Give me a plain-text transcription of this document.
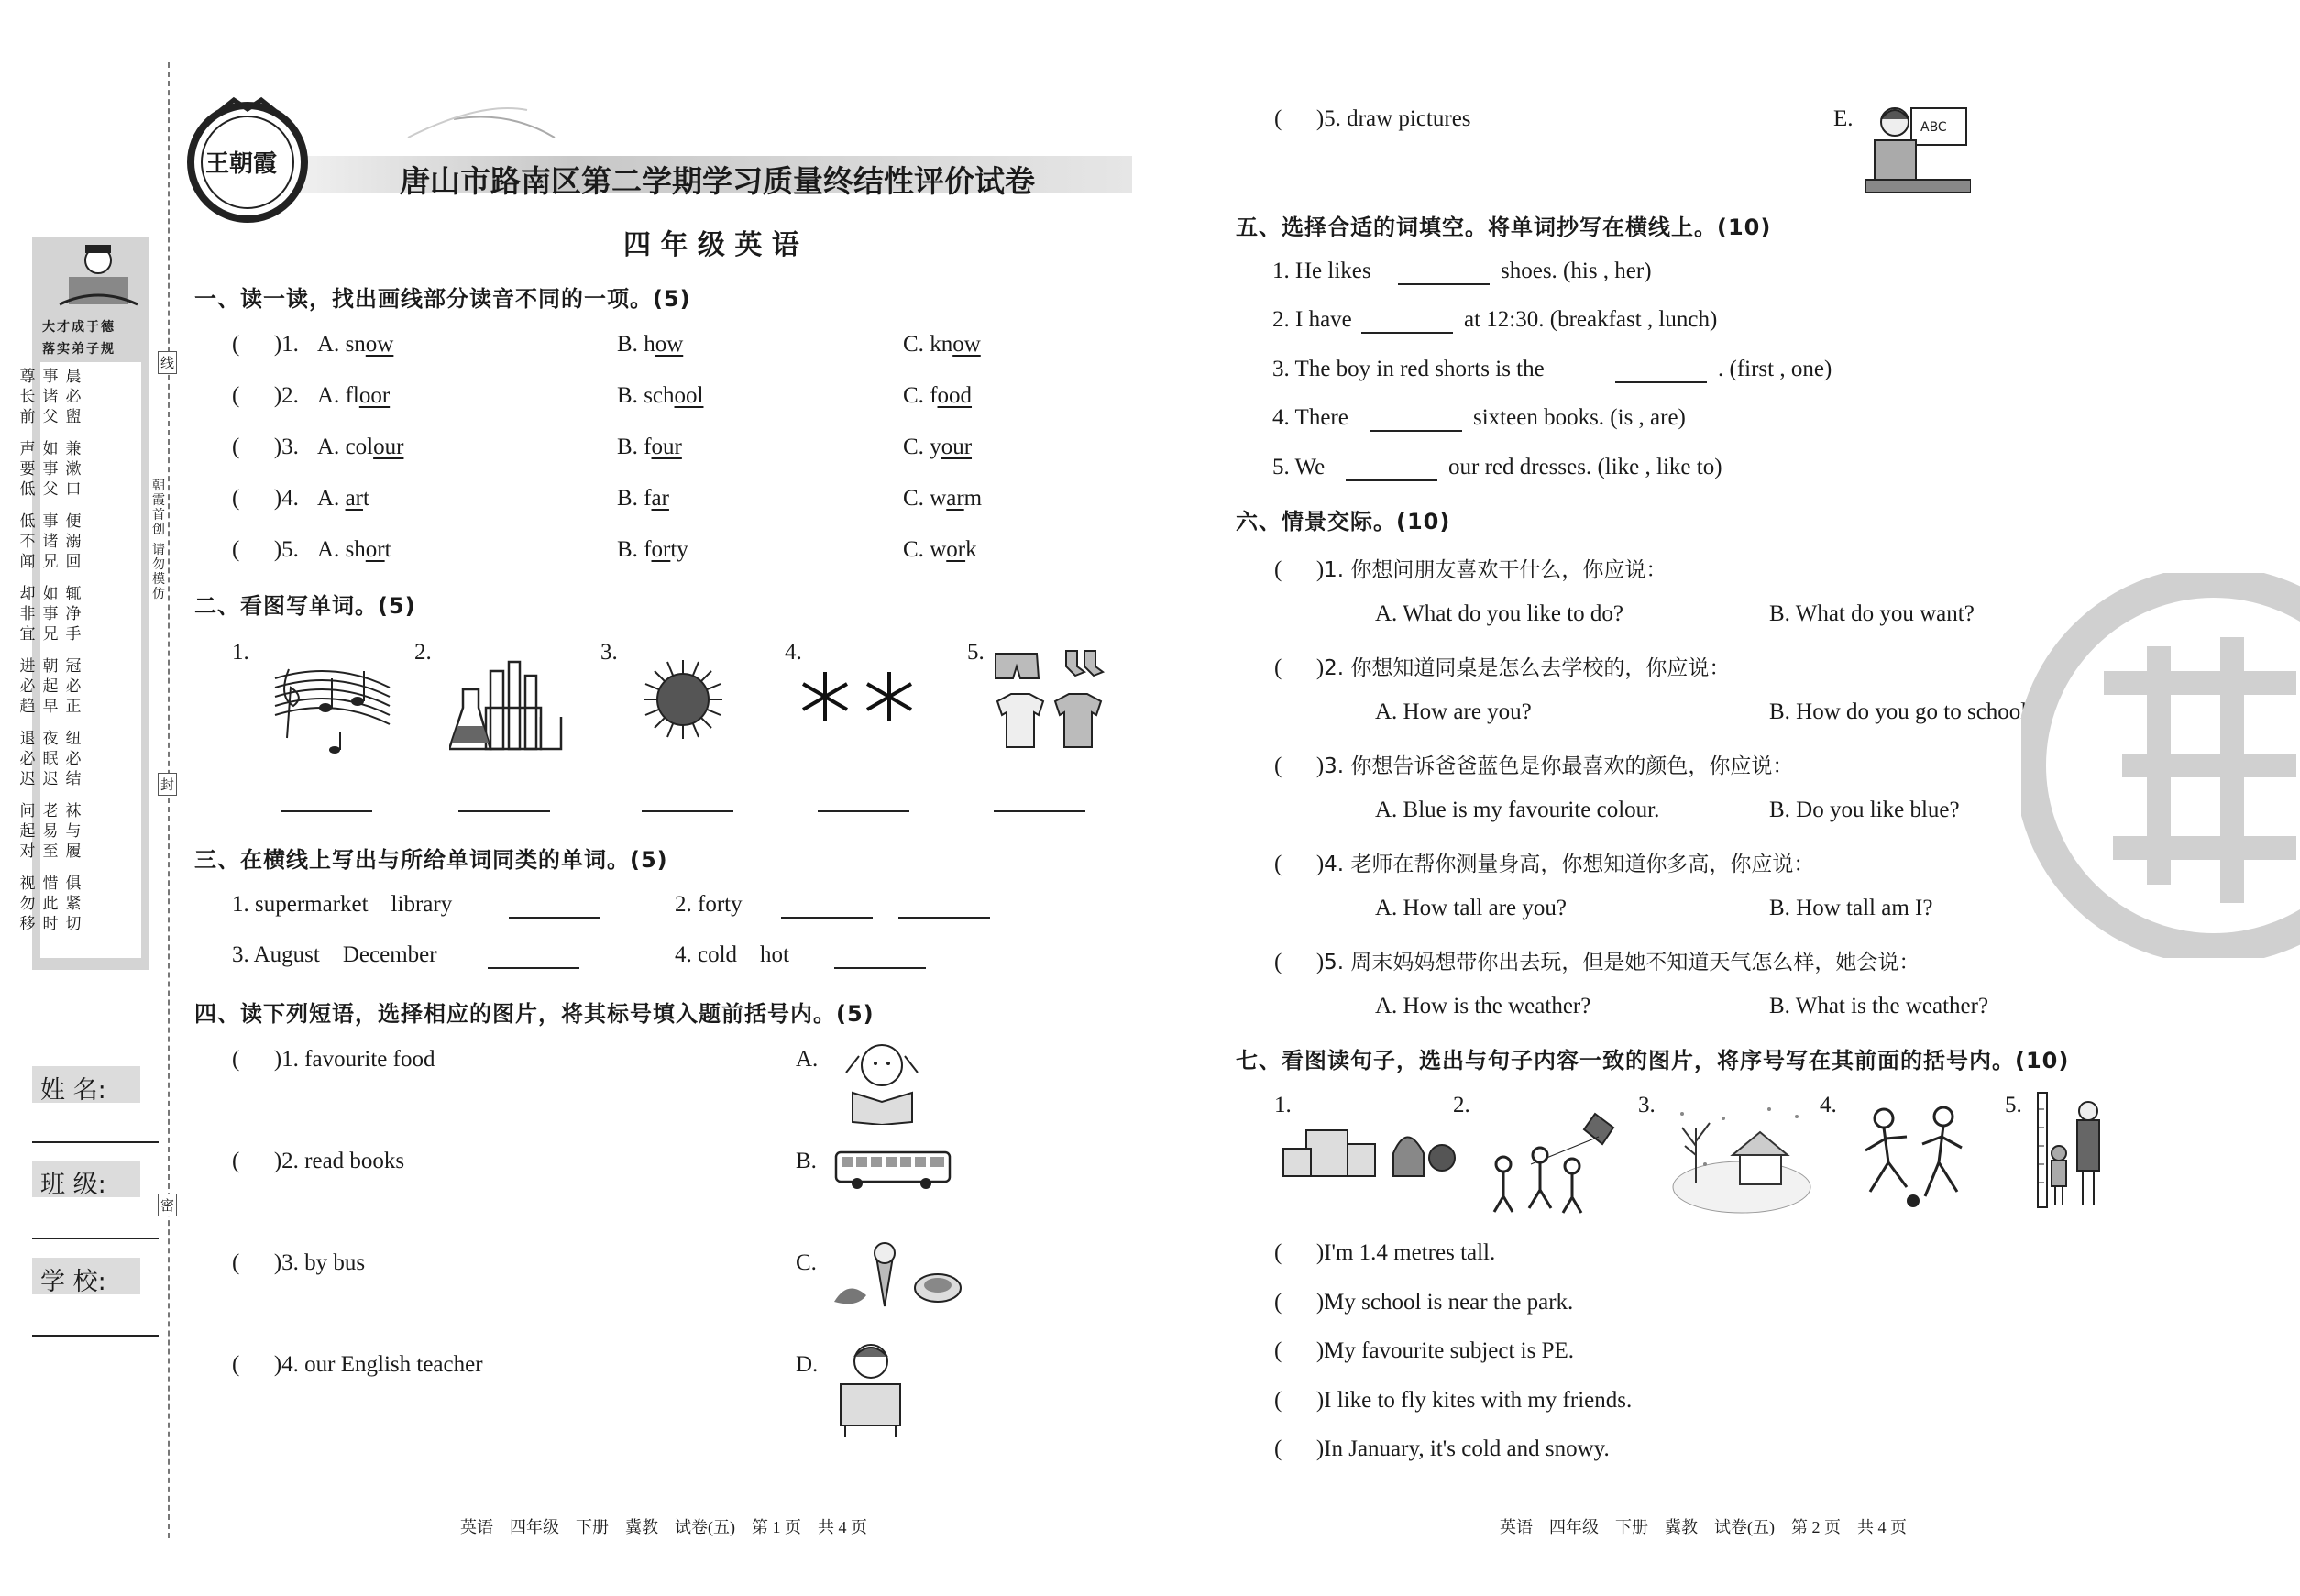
大才成于德
落实弟子规
晨必盥
事诸父
尊长前
兼漱口
如事父
声要低
便溺回
事诸兄
低不闻
辄净手
如事兄
却非宜
冠必正
朝起早
进必趋
纽必结
夜眠迟
退必迟
袜与履
老易至
问起对
俱紧切
惜此时
视勿移
线
封
密
朝霞首创
请勿模仿
姓 名:
班 级:
学 校:
王朝霞	唐山市路南区第二学期学习质量终结性评价试卷
四 年 级 英 语
一、读一读，找出画线部分读音不同的一项。(5)
( )1. A. snow	B. how	C. know
( )2. A. floor	B. school	C. food
( )3. A. colour	B. four	C. your
( )4. A. art	B. far	C. warm
( )5. A. short	B. forty	C. work
二、看图写单词。(5)
1.	2.	3.	4.	5.
三、在横线上写出与所给单词同类的单词。(5)
1. supermarket    library	2. forty
3. August    December	4. cold    hot
四、读下列短语，选择相应的图片，将其标号填入题前括号内。(5)
( )1. favourite food
( )2. read books
( )3. by bus
( )4. our English teacher
( )5. draw pictures
A.
B.
C.
D.
E.	ABC
五、选择合适的词填空。将单词抄写在横线上。(10)
1. He likes	shoes. (his , her)
2. I have	at 12:30. (breakfast , lunch)
3. The boy in red shorts is the	. (first , one)
4. There	sixteen books. (is , are)
5. We	our red dresses. (like , like to)
六、情景交际。(10)
( )1. 你想问朋友喜欢干什么，你应说：
A. What do you like to do?	B. What do you want?
( )2. 你想知道同桌是怎么去学校的，你应说：
A. How are you?	B. How do you go to school?
( )3. 你想告诉爸爸蓝色是你最喜欢的颜色，你应说：
A. Blue is my favourite colour.	B. Do you like blue?
( )4. 老师在帮你测量身高，你想知道你多高，你应说：
A. How tall are you?	B. How tall am I?
( )5. 周末妈妈想带你出去玩，但是她不知道天气怎么样，她会说：
A. How is the weather?	B. What is the weather?
七、看图读句子，选出与句子内容一致的图片，将序号写在其前面的括号内。(10)
1.	2.	3.	4.	5.
( )I'm 1.4 metres tall.
( )My school is near the park.
( )My favourite subject is PE.
( )I like to fly kites with my friends.
( )In January, it's cold and snowy.
英语    四年级    下册    冀教    试卷(五)    第 1 页    共 4 页	英语    四年级    下册    冀教    试卷(五)    第 2 页    共 4 页
